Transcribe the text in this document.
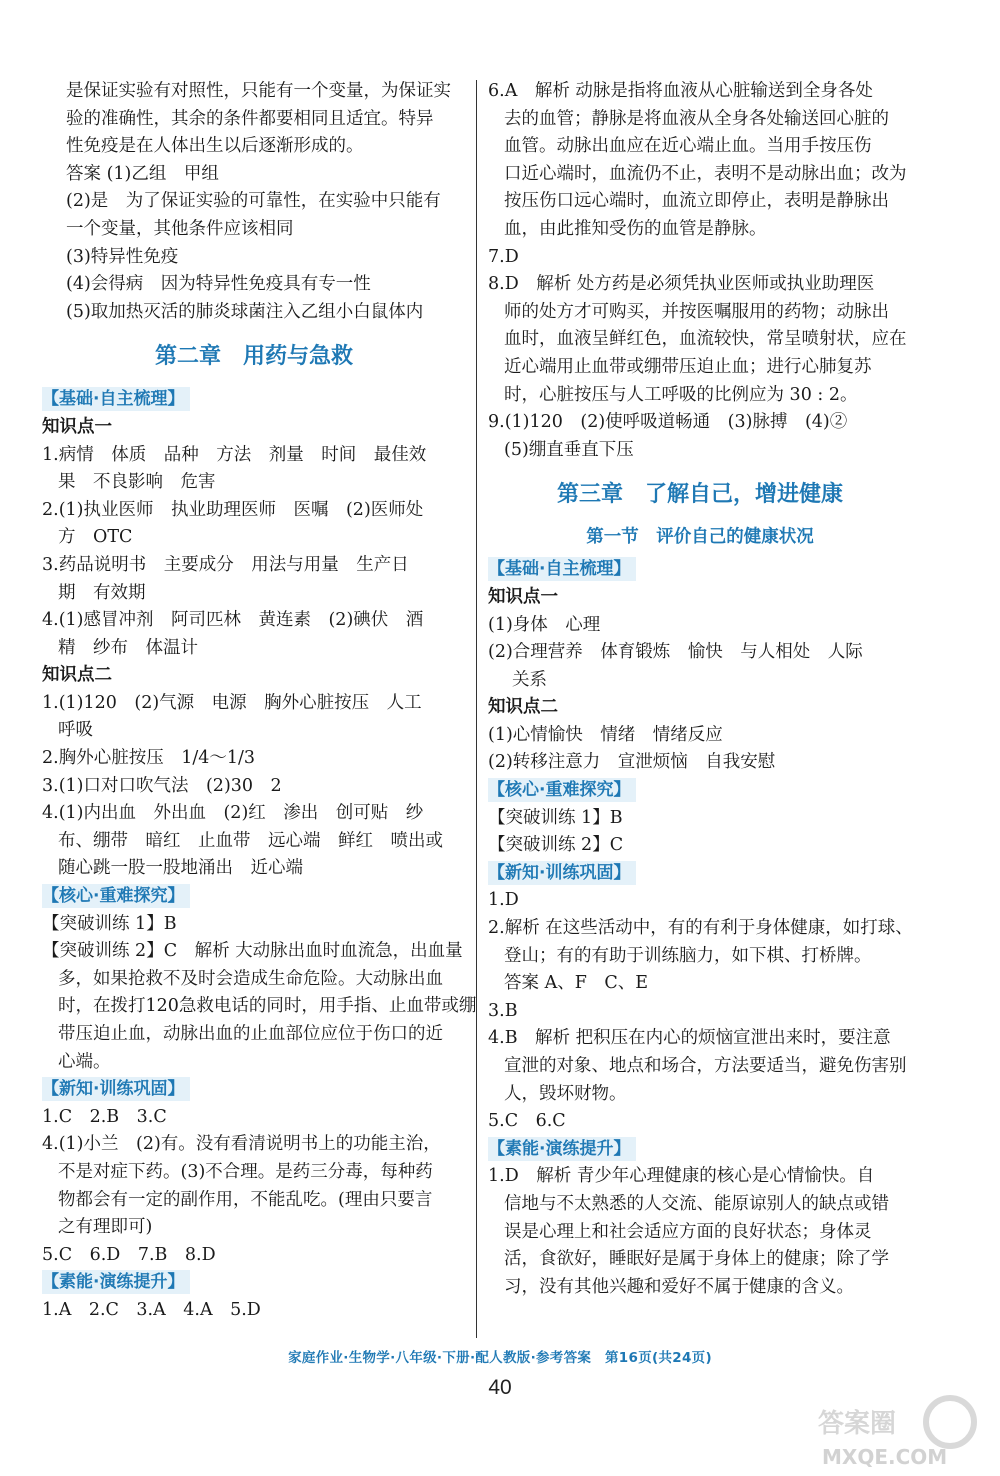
是保证实验有对照性，只能有一个变量，为保证实
验的准确性，其余的条件都要相同且适宜。特异
性免疫是在人体出生以后逐渐形成的。
答案 (1)乙组　甲组
(2)是　为了保证实验的可靠性，在实验中只能有
一个变量，其他条件应该相同
(3)特异性免疫
(4)会得病　因为特异性免疫具有专一性
(5)取加热灭活的肺炎球菌注入乙组小白鼠体内
第二章　用药与急救
【基础·自主梳理】
知识点一
1.病情　体质　品种　方法　剂量　时间　最佳效
果　不良影响　危害
2.(1)执业医师　执业助理医师　医嘱　(2)医师处
方　OTC
3.药品说明书　主要成分　用法与用量　生产日
期　有效期
4.(1)感冒冲剂　阿司匹林　黄连素　(2)碘伏　酒
精　纱布　体温计
知识点二
1.(1)120　(2)气源　电源　胸外心脏按压　人工
呼吸
2.胸外心脏按压　1/4～1/3
3.(1)口对口吹气法　(2)30　2
4.(1)内出血　外出血　(2)红　渗出　创可贴　纱
布、绷带　暗红　止血带　远心端　鲜红　喷出或
随心跳一股一股地涌出　近心端
【核心·重难探究】
【突破训练 1】B
【突破训练 2】C　解析 大动脉出血时血流急，出血量
多，如果抢救不及时会造成生命危险。大动脉出血
时，在拨打120急救电话的同时，用手指、止血带或绷
带压迫止血，动脉出血的止血部位应位于伤口的近
心端。
【新知·训练巩固】
1.C　2.B　3.C
4.(1)小兰　(2)有。没有看清说明书上的功能主治，
不是对症下药。(3)不合理。是药三分毒，每种药
物都会有一定的副作用，不能乱吃。(理由只要言
之有理即可)
5.C　6.D　7.B　8.D
【素能·演练提升】
1.A　2.C　3.A　4.A　5.D
6.A　解析 动脉是指将血液从心脏输送到全身各处
去的血管；静脉是将血液从全身各处输送回心脏的
血管。动脉出血应在近心端止血。当用手按压伤
口近心端时，血流仍不止，表明不是动脉出血；改为
按压伤口远心端时，血流立即停止，表明是静脉出
血，由此推知受伤的血管是静脉。
7.D
8.D　解析 处方药是必须凭执业医师或执业助理医
师的处方才可购买，并按医嘱服用的药物；动脉出
血时，血液呈鲜红色，血流较快，常呈喷射状，应在
近心端用止血带或绷带压迫止血；进行心肺复苏
时，心脏按压与人工呼吸的比例应为 30 : 2。
9.(1)120　(2)使呼吸道畅通　(3)脉搏　(4)②
(5)绷直垂直下压
第三章　了解自己，增进健康
第一节　评价自己的健康状况
【基础·自主梳理】
知识点一
(1)身体　心理
(2)合理营养　体育锻炼　愉快　与人相处　人际
关系
知识点二
(1)心情愉快　情绪　情绪反应
(2)转移注意力　宣泄烦恼　自我安慰
【核心·重难探究】
【突破训练 1】B
【突破训练 2】C
【新知·训练巩固】
1.D
2.解析 在这些活动中，有的有利于身体健康，如打球、
登山；有的有助于训练脑力，如下棋、打桥牌。
答案 A、F　C、E
3.B
4.B　解析 把积压在内心的烦恼宣泄出来时，要注意
宣泄的对象、地点和场合，方法要适当，避免伤害别
人，毁坏财物。
5.C　6.C
【素能·演练提升】
1.D　解析 青少年心理健康的核心是心情愉快。自
信地与不太熟悉的人交流、能原谅别人的缺点或错
误是心理上和社会适应方面的良好状态；身体灵
活，食欲好，睡眠好是属于身体上的健康；除了学
习，没有其他兴趣和爱好不属于健康的含义。
家庭作业·生物学·八年级·下册·配人教版·参考答案　第16页(共24页)
40
答案圈
MXQE.COM
